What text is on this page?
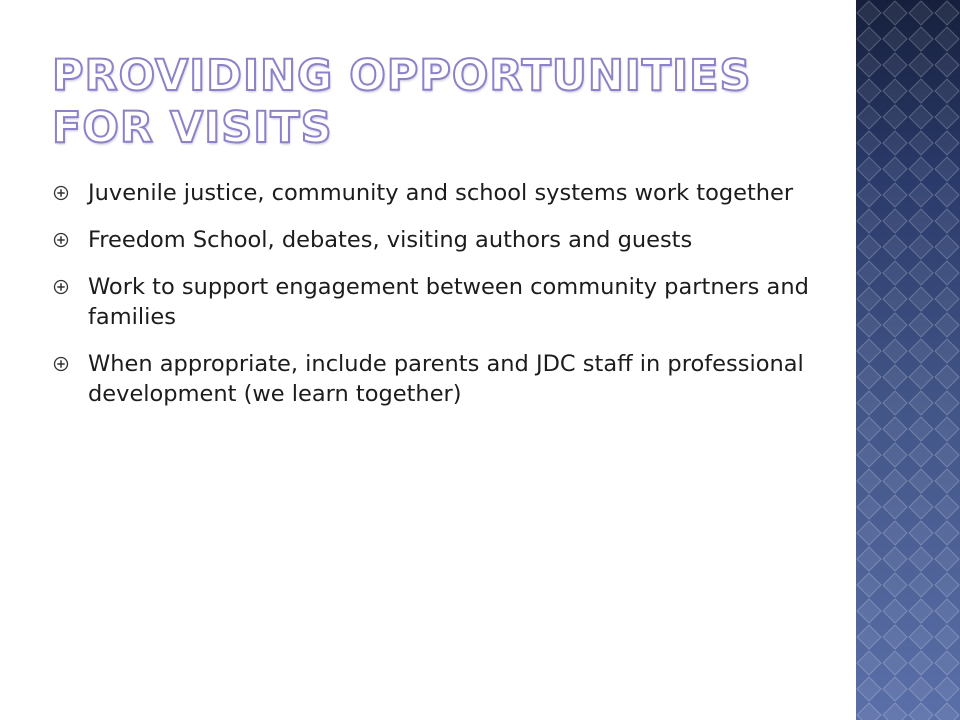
PROVIDING OPPORTUNITIES FOR VISITS
Juvenile justice, community and school systems work together
Freedom School, debates, visiting authors and guests
Work to support engagement between community partners and families
When appropriate, include parents and JDC staff in professional development (we learn together)
